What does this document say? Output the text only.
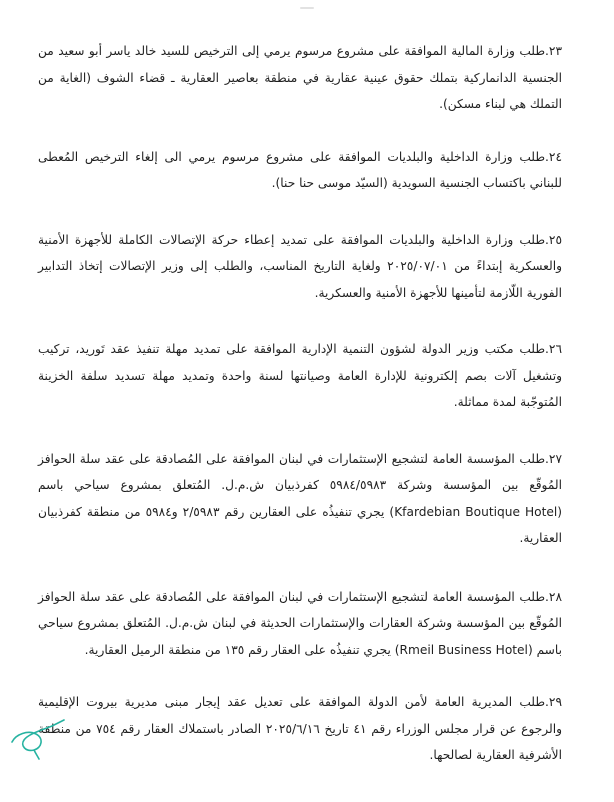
٢٣.طلب وزارة المالية الموافقة على مشروع مرسوم يرمي إلى الترخيص للسيد خالد ياسر أبو سعيد من الجنسية الدانماركية بتملك حقوق عينية عقارية في منطقة بعاصير العقارية ـ قضاء الشوف (الغاية من التملك هي لبناء مسكن).

٢٤.طلب وزارة الداخلية والبلديات الموافقة على مشروع مرسوم يرمي الى إلغاء الترخيص المُعطى للبناني باكتساب الجنسية السويدية (السيّد موسى حنا حنا).

٢٥.طلب وزارة الداخلية والبلديات الموافقة على تمديد إعطاء حركة الإتصالات الكاملة للأجهزة الأمنية والعسكرية إبتداءً من ٢٠٢٥/٠٧/٠١ ولغاية التاريخ المناسب، والطلب إلى وزير الإتصالات إتخاذ التدابير الفورية اللّازمة لتأمينها للأجهزة الأمنية والعسكرية.

٢٦.طلب مكتب وزير الدولة لشؤون التنمية الإدارية الموافقة على تمديد مهلة تنفيذ عقد تَوريد، تركيب وتشغيل آلات بصم إلكترونية للإدارة العامة وصيانتها لسنة واحدة وتمديد مهلة تسديد سلفة الخزينة المُتوجّبة لمدة مماثلة.

٢٧.طلب المؤسسة العامة لتشجيع الإستثمارات في لبنان الموافقة على المُصادقة على عقد سلة الحوافز المُوقّع بين المؤسسة وشركة ٥٩٨٤/٥٩٨٣ كفرذبيان ش.م.ل. المُتعلق بمشروع سياحي باسم (Kfardebian Boutique Hotel) يجري تنفيذُه على العقارين رقم ٢/٥٩٨٣ و٥٩٨٤ من منطقة كفرذبيان العقارية.

٢٨.طلب المؤسسة العامة لتشجيع الإستثمارات في لبنان الموافقة على المُصادقة على عقد سلة الحوافز المُوقّع بين المؤسسة وشركة العقارات والإستثمارات الحديثة في لبنان ش.م.ل. المُتعلق بمشروع سياحي باسم (Rmeil Business Hotel) يجري تنفيذُه على العقار رقم ١٣٥ من منطقة الرميل العقارية.

٢٩.طلب المديرية العامة لأمن الدولة الموافقة على تعديل عقد إيجار مبنى مديرية بيروت الإقليمية والرجوع عن قرار مجلس الوزراء رقم ٤١ تاريخ ٢٠٢٥/٦/١٦ الصادر باستملاك العقار رقم ٧٥٤ من منطقة الأشرفية العقارية لصالحها.
